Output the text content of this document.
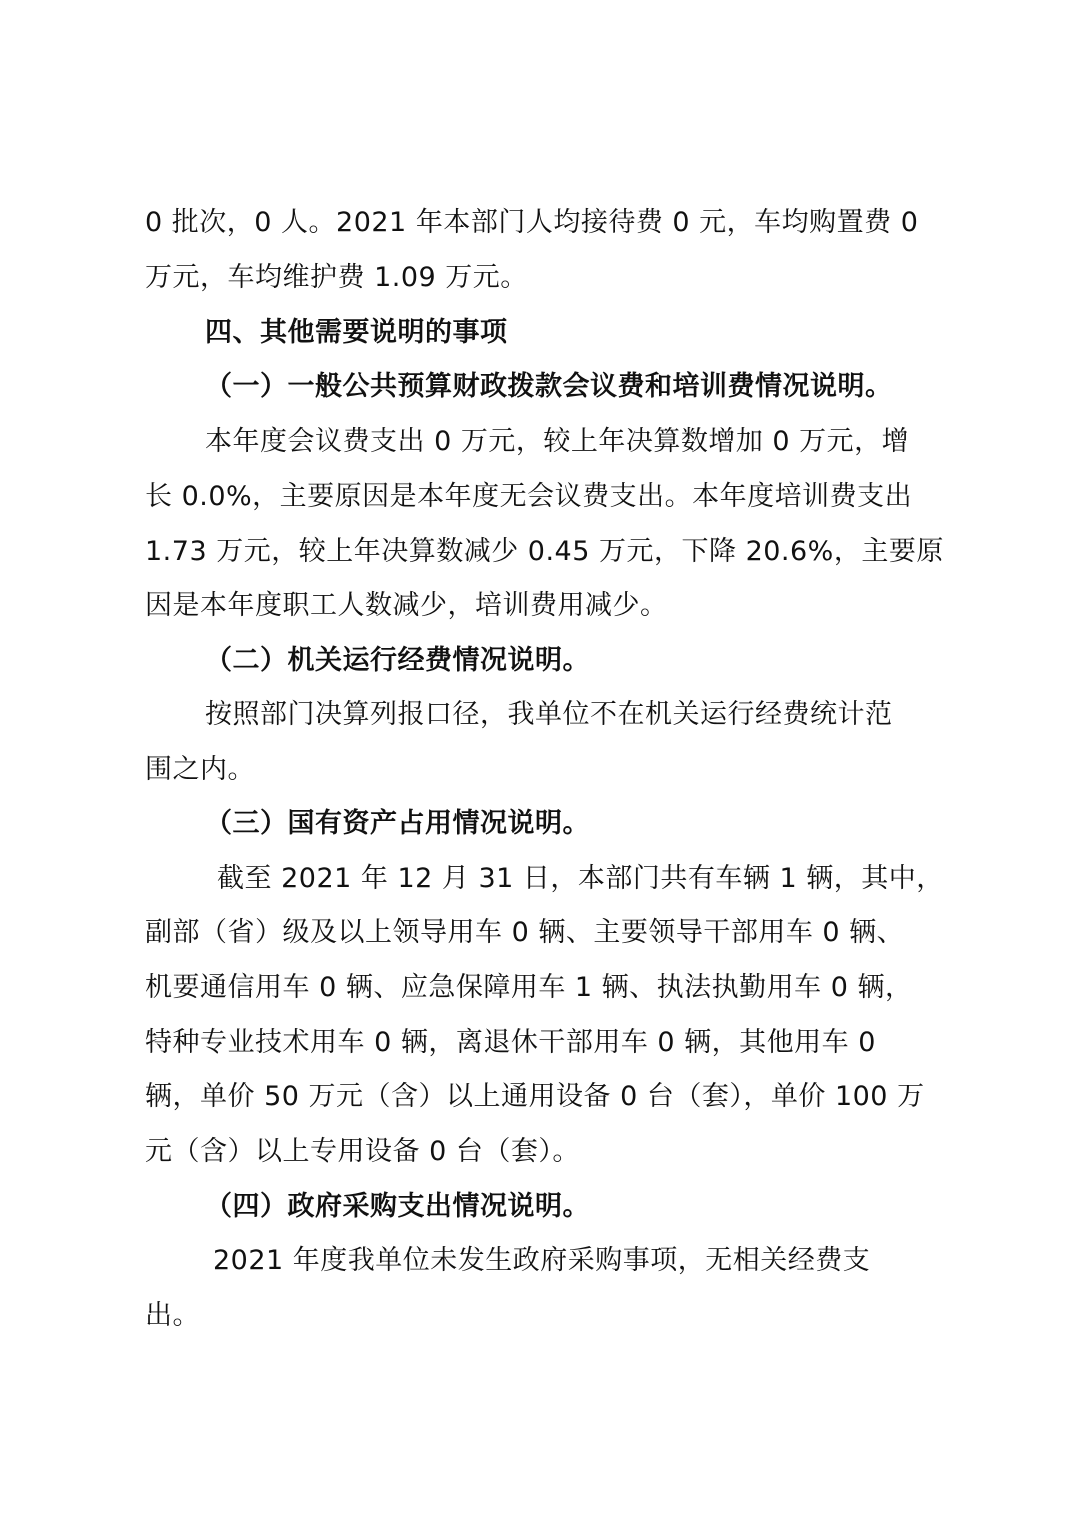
0 批次，0 人。2021 年本部门人均接待费 0 元，车均购置费 0
万元，车均维护费 1.09 万元。
四、其他需要说明的事项
（一）一般公共预算财政拨款会议费和培训费情况说明。
本年度会议费支出 0 万元，较上年决算数增加 0 万元，增
长 0.0%，主要原因是本年度无会议费支出。本年度培训费支出
1.73 万元，较上年决算数减少 0.45 万元，下降 20.6%，主要原
因是本年度职工人数减少，培训费用减少。
（二）机关运行经费情况说明。
按照部门决算列报口径，我单位不在机关运行经费统计范
围之内。
（三）国有资产占用情况说明。
截至 2021 年 12 月 31 日，本部门共有车辆 1 辆，其中，
副部（省）级及以上领导用车 0 辆、主要领导干部用车 0 辆、
机要通信用车 0 辆、应急保障用车 1 辆、执法执勤用车 0 辆，
特种专业技术用车 0 辆，离退休干部用车 0 辆，其他用车 0
辆，单价 50 万元（含）以上通用设备 0 台（套），单价 100 万
元（含）以上专用设备 0 台（套）。
（四）政府采购支出情况说明。
2021 年度我单位未发生政府采购事项，无相关经费支
出。
